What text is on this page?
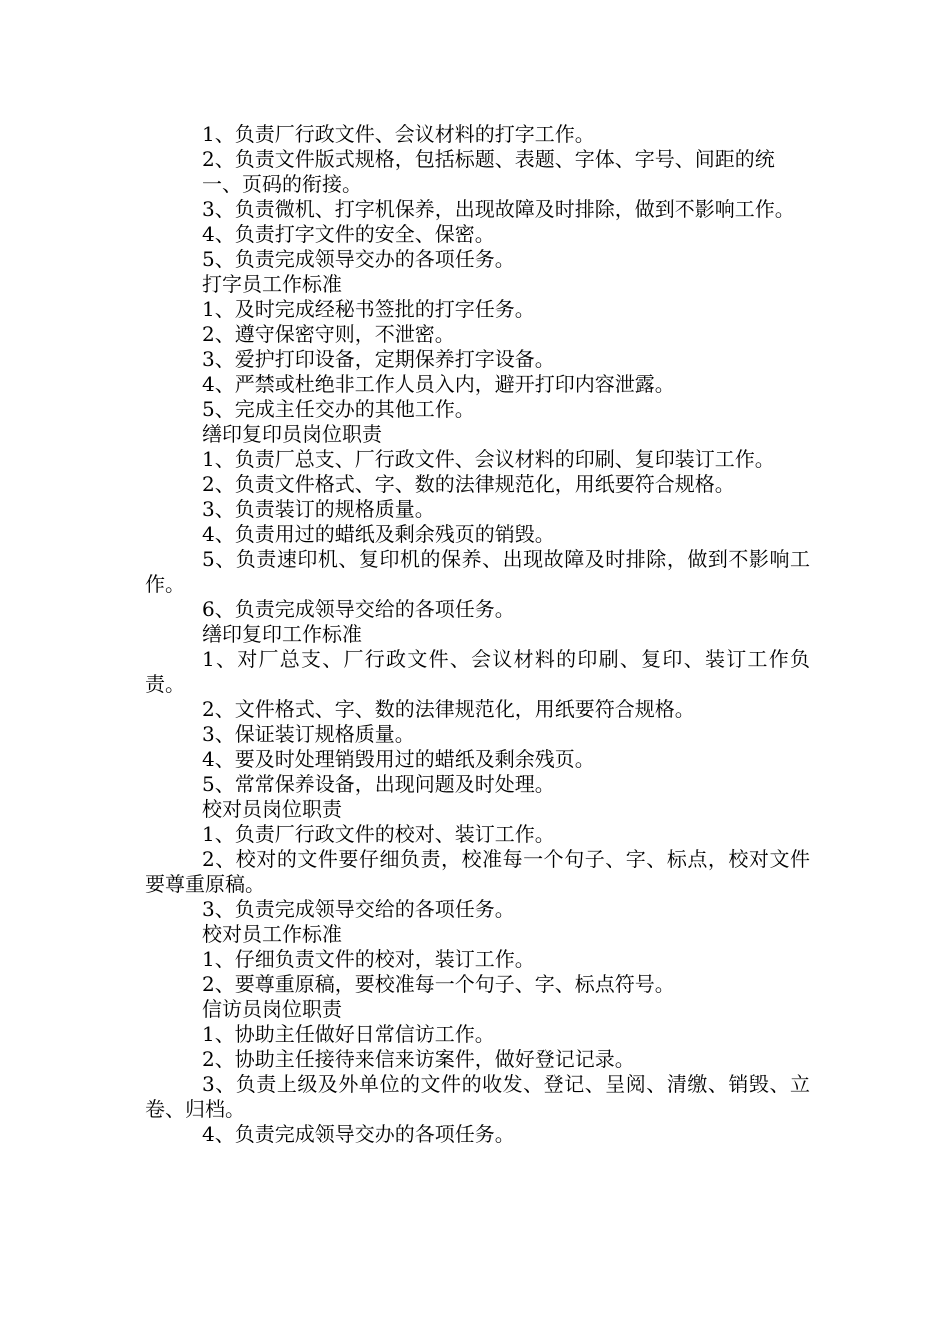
1、负责厂行政文件、会议材料的打字工作。

2、负责文件版式规格，包括标题、表题、字体、字号、间距的统

一、页码的衔接。

3、负责微机、打字机保养，出现故障及时排除，做到不影响工作。

4、负责打字文件的安全、保密。

5、负责完成领导交办的各项任务。

打字员工作标准

1、及时完成经秘书签批的打字任务。

2、遵守保密守则，不泄密。

3、爱护打印设备，定期保养打字设备。

4、严禁或杜绝非工作人员入内，避开打印内容泄露。

5、完成主任交办的其他工作。

缮印复印员岗位职责

1、负责厂总支、厂行政文件、会议材料的印刷、复印装订工作。

2、负责文件格式、字、数的法律规范化，用纸要符合规格。

3、负责装订的规格质量。

4、负责用过的蜡纸及剩余残页的销毁。

5、负责速印机、复印机的保养、出现故障及时排除，做到不影响工作。

6、负责完成领导交给的各项任务。

缮印复印工作标准

1、对厂总支、厂行政文件、会议材料的印刷、复印、装订工作负责。

2、文件格式、字、数的法律规范化，用纸要符合规格。

3、保证装订规格质量。

4、要及时处理销毁用过的蜡纸及剩余残页。

5、常常保养设备，出现问题及时处理。

校对员岗位职责

1、负责厂行政文件的校对、装订工作。

2、校对的文件要仔细负责，校准每一个句子、字、标点，校对文件要尊重原稿。

3、负责完成领导交给的各项任务。

校对员工作标准

1、仔细负责文件的校对，装订工作。

2、要尊重原稿，要校准每一个句子、字、标点符号。

信访员岗位职责

1、协助主任做好日常信访工作。

2、协助主任接待来信来访案件，做好登记记录。

3、负责上级及外单位的文件的收发、登记、呈阅、清缴、销毁、立卷、归档。

4、负责完成领导交办的各项任务。
